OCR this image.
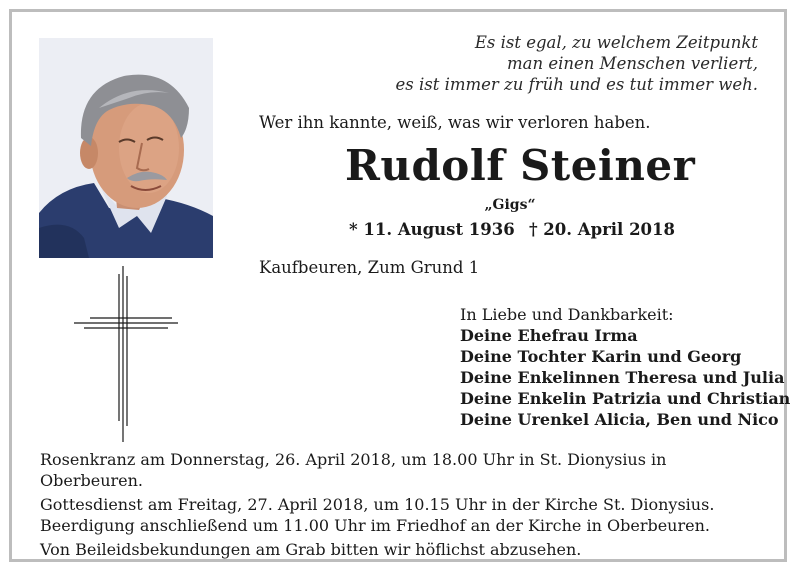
Es ist egal, zu welchem Zeitpunkt
man einen Menschen verliert,
es ist immer zu früh und es tut immer weh.
Wer ihn kannte, weiß, was wir verloren haben.
Rudolf Steiner
„Gigs“
* 11. August 1936 † 20. April 2018
Kaufbeuren, Zum Grund 1
In Liebe und Dankbarkeit:
Deine Ehefrau Irma
Deine Tochter Karin und Georg
Deine Enkelinnen Theresa und Julia
Deine Enkelin Patrizia und Christian
Deine Urenkel Alicia, Ben und Nico

Rosenkranz am Donnerstag, 26. April 2018, um 18.00 Uhr in St. Dionysius in Oberbeuren.

Gottesdienst am Freitag, 27. April 2018, um 10.15 Uhr in der Kirche St. Dionysius. Beerdigung anschließend um 11.00 Uhr im Friedhof an der Kirche in Oberbeuren.

Von Beileidsbekundungen am Grab bitten wir höflichst abzusehen.
